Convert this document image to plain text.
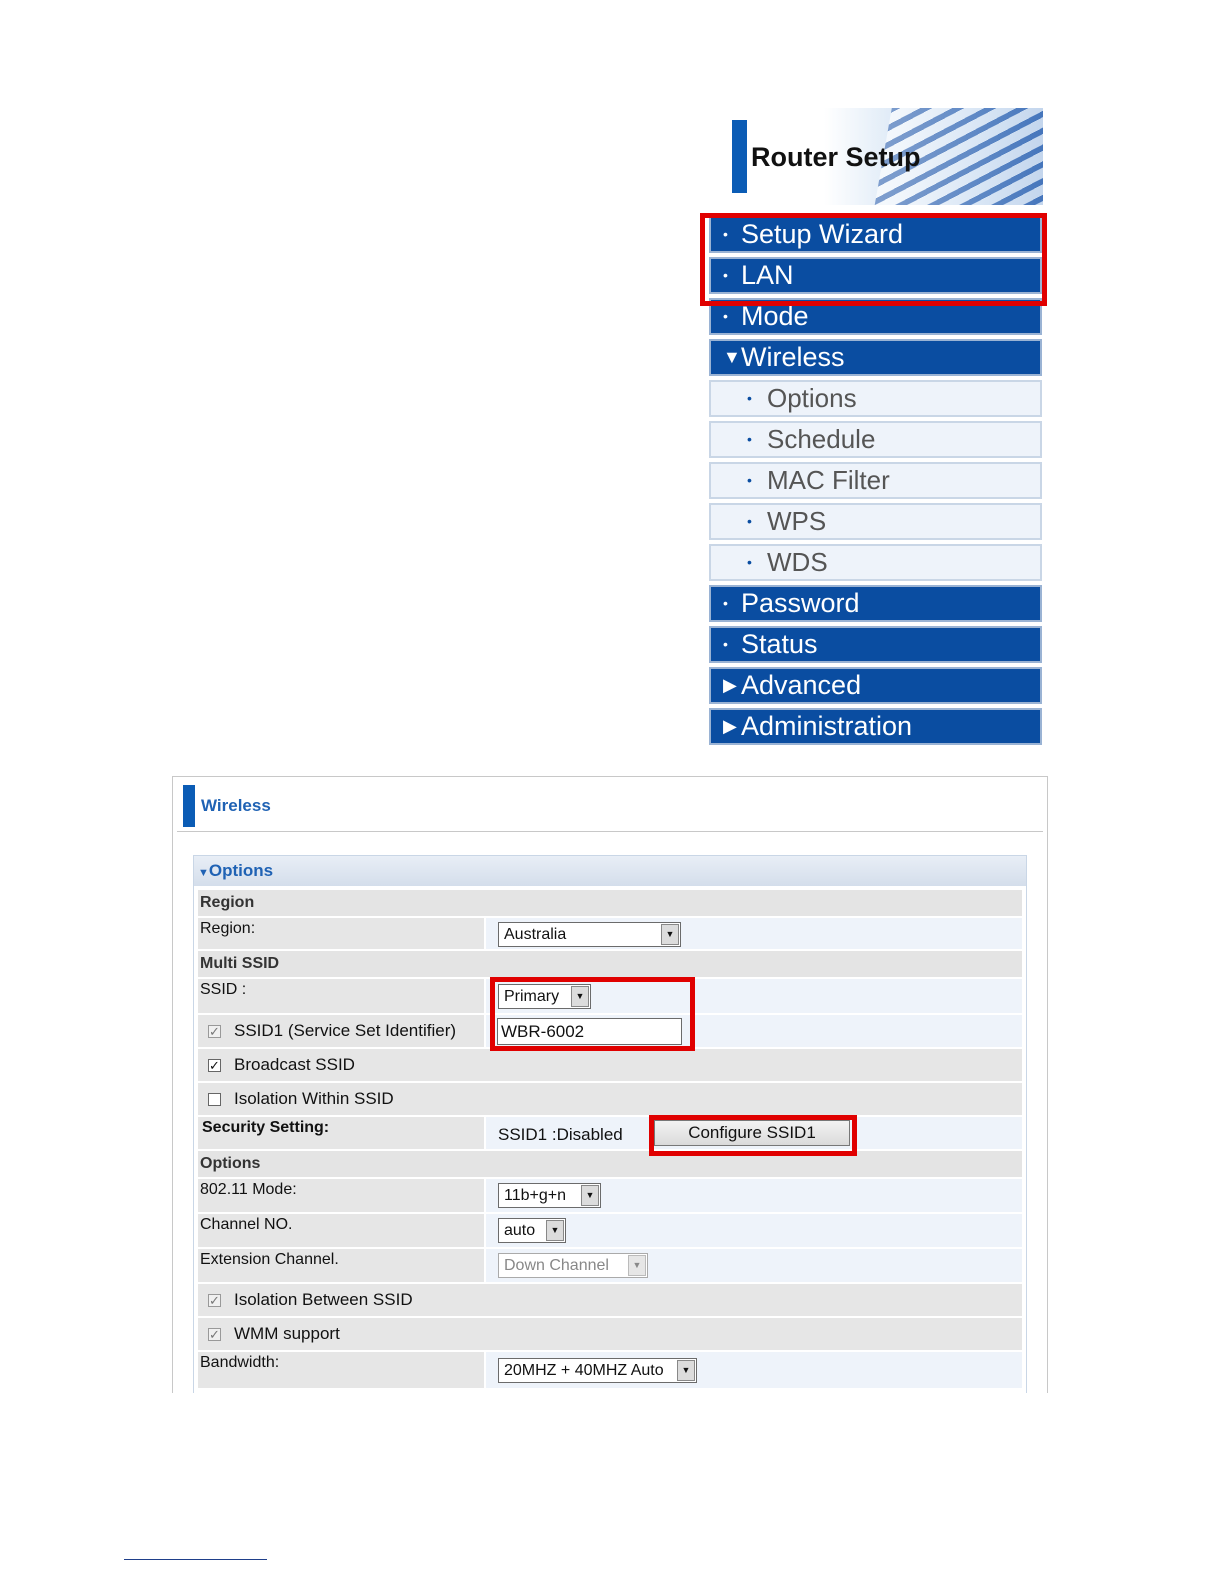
Router Setup
• Setup Wizard
• LAN
• Mode
▼ Wireless
• Options
• Schedule
• MAC Filter
• WPS
• WDS
• Password
• Status
▶ Advanced
▶ Administration
Wireless
▼Options
Region
Region:	Australia	▼
Multi SSID
SSID :	Primary	▼
✓ SSID1 (Service Set Identifier)	WBR-6002
✓ Broadcast SSID
Isolation Within SSID
Security Setting:	SSID1 :Disabled	Configure SSID1
Options
802.11 Mode:	11b+g+n	▼
Channel NO.	auto	▼
Extension Channel.	Down Channel	▼
✓ Isolation Between SSID
✓ WMM support
Bandwidth:	20MHZ + 40MHZ Auto	▼
